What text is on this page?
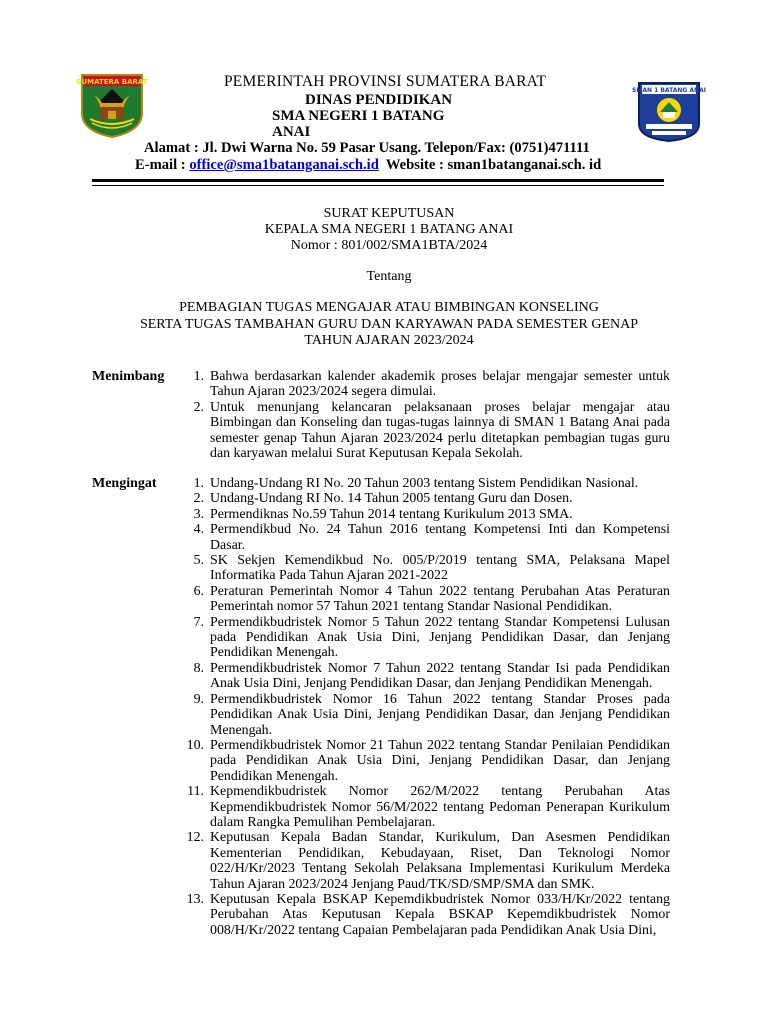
SUMATERA BARAT
SMAN 1 BATANG ANAI
PEMERINTAH PROVINSI SUMATERA BARAT
DINAS PENDIDIKAN
SMA NEGERI 1 BATANG
ANAI
Alamat : Jl. Dwi Warna No. 59 Pasar Usang. Telepon/Fax: (0751)471111
E-mail : office@sma1batanganai.sch.id  Website : sman1batanganai.sch. id
SURAT KEPUTUSAN
KEPALA SMA NEGERI 1 BATANG ANAI
Nomor : 801/002/SMA1BTA/2024
Tentang
PEMBAGIAN TUGAS MENGAJAR ATAU BIMBINGAN KONSELING
SERTA TUGAS TAMBAHAN GURU DAN KARYAWAN PADA SEMESTER GENAP
TAHUN AJARAN 2023/2024
Menimbang	1. Bahwa berdasarkan kalender akademik proses belajar mengajar semester untuk Tahun Ajaran 2023/2024 segera dimulai.
2. Untuk menunjang kelancaran pelaksanaan proses belajar mengajar atau Bimbingan dan Konseling dan tugas-tugas lainnya di SMAN 1 Batang Anai pada semester genap Tahun Ajaran 2023/2024 perlu ditetapkan pembagian tugas guru dan karyawan melalui Surat Keputusan Kepala Sekolah.
Mengingat	1. Undang-Undang RI No. 20 Tahun 2003 tentang Sistem Pendidikan Nasional.
2. Undang-Undang RI No. 14 Tahun 2005 tentang Guru dan Dosen.
3. Permendiknas No.59 Tahun 2014 tentang Kurikulum 2013 SMA.
4. Permendikbud No. 24 Tahun 2016 tentang Kompetensi Inti dan Kompetensi Dasar.
5. SK Sekjen Kemendikbud No. 005/P/2019 tentang SMA, Pelaksana Mapel Informatika Pada Tahun Ajaran 2021-2022
6. Peraturan Pemerintah Nomor 4 Tahun 2022 tentang Perubahan Atas Peraturan Pemerintah nomor 57 Tahun 2021 tentang Standar Nasional Pendidikan.
7. Permendikbudristek Nomor 5 Tahun 2022 tentang Standar Kompetensi Lulusan pada Pendidikan Anak Usia Dini, Jenjang Pendidikan Dasar, dan Jenjang Pendidikan Menengah.
8. Permendikbudristek Nomor 7 Tahun 2022 tentang Standar Isi pada Pendidikan Anak Usia Dini, Jenjang Pendidikan Dasar, dan Jenjang Pendidikan Menengah.
9. Permendikbudristek Nomor 16 Tahun 2022 tentang Standar Proses pada Pendidikan Anak Usia Dini, Jenjang Pendidikan Dasar, dan Jenjang Pendidikan Menengah.
10. Permendikbudristek Nomor 21 Tahun 2022 tentang Standar Penilaian Pendidikan pada Pendidikan Anak Usia Dini, Jenjang Pendidikan Dasar, dan Jenjang Pendidikan Menengah.
11. Kepmendikbudristek Nomor 262/M/2022 tentang Perubahan Atas Kepmendikbudristek Nomor 56/M/2022 tentang Pedoman Penerapan Kurikulum dalam Rangka Pemulihan Pembelajaran.
12. Keputusan Kepala Badan Standar, Kurikulum, Dan Asesmen Pendidikan Kementerian Pendidikan, Kebudayaan, Riset, Dan Teknologi Nomor 022/H/Kr/2023 Tentang Sekolah Pelaksana Implementasi Kurikulum Merdeka Tahun Ajaran 2023/2024 Jenjang Paud/TK/SD/SMP/SMA dan SMK.
13. Keputusan Kepala BSKAP Kepemdikbudristek Nomor 033/H/Kr/2022 tentang Perubahan Atas Keputusan Kepala BSKAP Kepemdikbudristek Nomor 008/H/Kr/2022 tentang Capaian Pembelajaran pada Pendidikan Anak Usia Dini,
